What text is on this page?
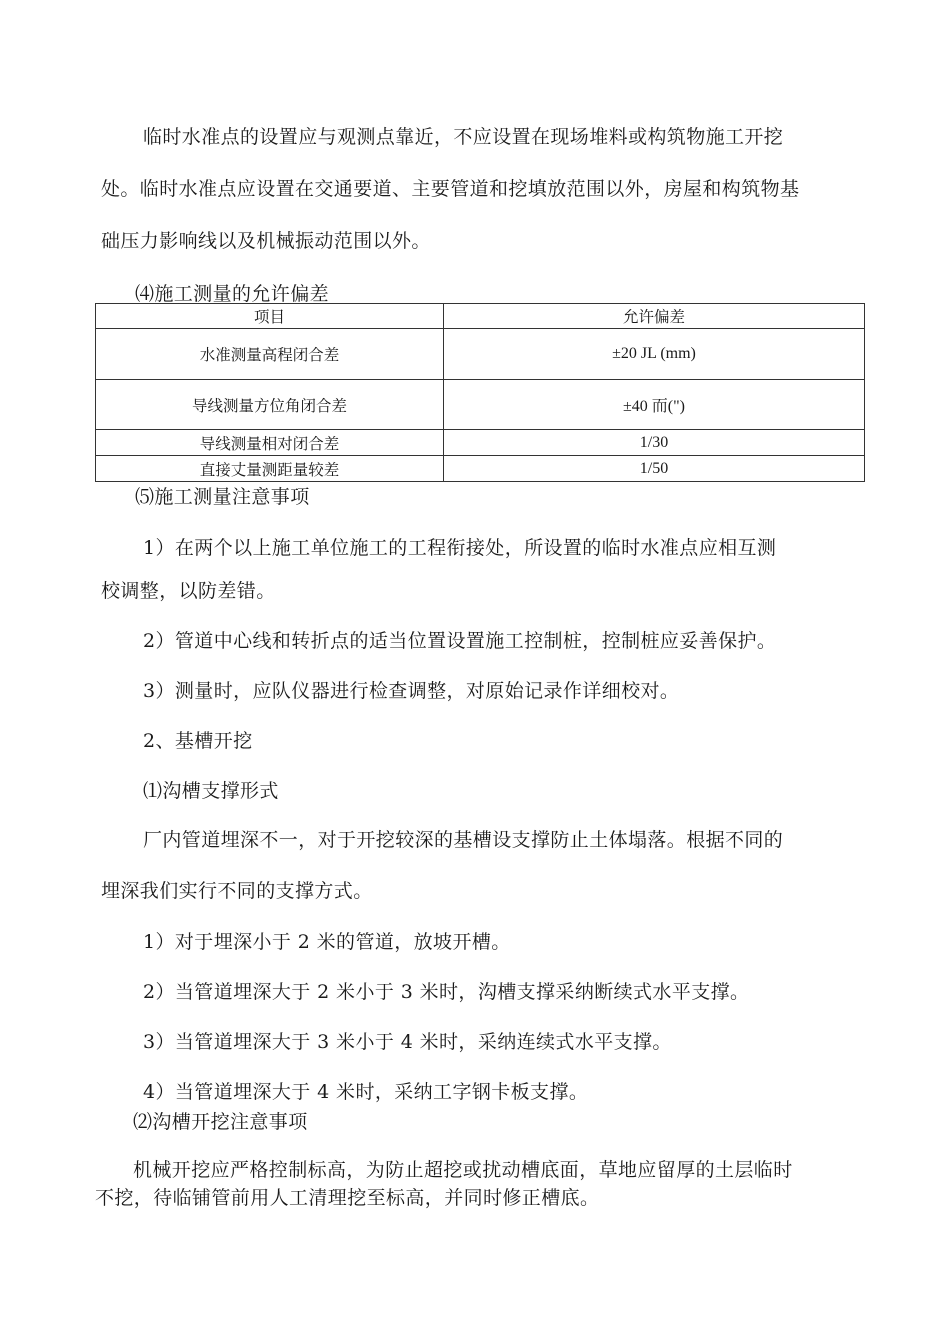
临时水准点的设置应与观测点靠近，不应设置在现场堆料或构筑物施工开挖
处。临时水准点应设置在交通要道、主要管道和挖填放范围以外，房屋和构筑物基
础压力影响线以及机械振动范围以外。
⑷施工测量的允许偏差
项目	允许偏差
水准测量高程闭合差	±20 JL (mm)
导线测量方位角闭合差	±40 而(")
导线测量相对闭合差	1/30
直接丈量测距量较差	1/50
⑸施工测量注意事项
1）在两个以上施工单位施工的工程衔接处，所设置的临时水准点应相互测
校调整，以防差错。
2）管道中心线和转折点的适当位置设置施工控制桩，控制桩应妥善保护。
3）测量时，应队仪器进行检查调整，对原始记录作详细校对。
2、基槽开挖
⑴沟槽支撑形式
厂内管道埋深不一，对于开挖较深的基槽设支撑防止土体塌落。根据不同的
埋深我们实行不同的支撑方式。
1）对于埋深小于 2 米的管道，放坡开槽。
2）当管道埋深大于 2 米小于 3 米时，沟槽支撑采纳断续式水平支撑。
3）当管道埋深大于 3 米小于 4 米时，采纳连续式水平支撑。
4）当管道埋深大于 4 米时，采纳工字钢卡板支撑。
⑵沟槽开挖注意事项
机械开挖应严格控制标高，为防止超挖或扰动槽底面，草地应留厚的土层临时
不挖，待临铺管前用人工清理挖至标高，并同时修正槽底。
